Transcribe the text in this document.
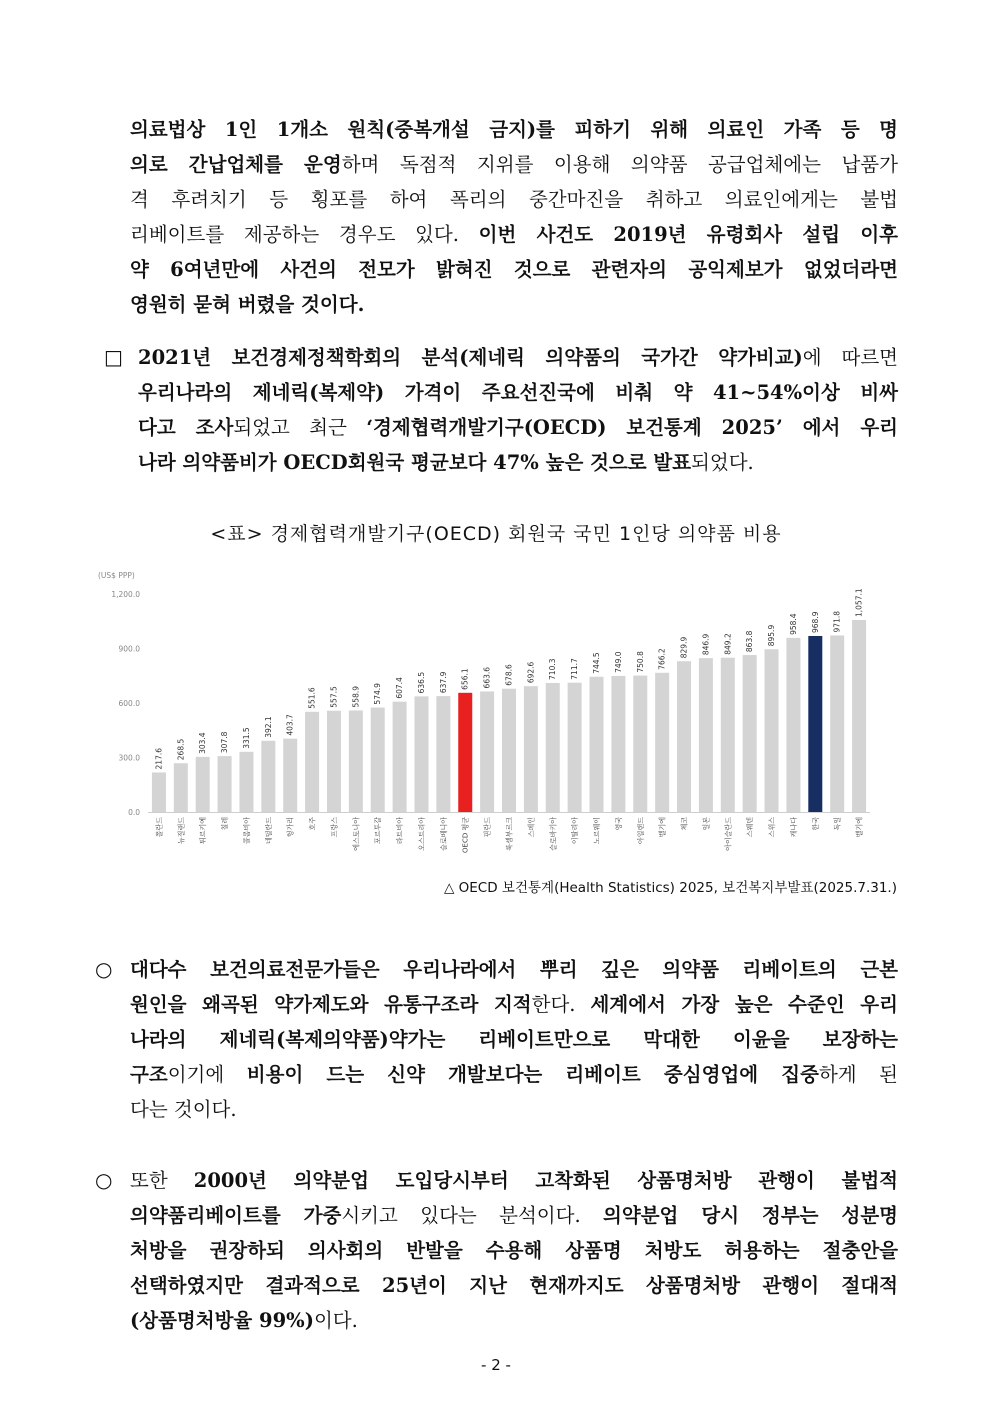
의료법상 1인 1개소 원칙(중복개설 금지)를 피하기 위해 의료인 가족 등 명
의로 간납업체를 운영하며 독점적 지위를 이용해 의약품 공급업체에는 납품가
격 후려치기 등 횡포를 하여 폭리의 중간마진을 취하고 의료인에게는 불법
리베이트를 제공하는 경우도 있다. 이번 사건도 2019년 유령회사 설립 이후
약 6여년만에 사건의 전모가 밝혀진 것으로 관련자의 공익제보가 없었더라면
영원히 묻혀 버렸을 것이다.
□ 2021년 보건경제정책학회의 분석(제네릭 의약품의 국가간 약가비교)에 따르면
우리나라의 제네릭(복제약) 가격이 주요선진국에 비춰 약 41~54%이상 비싸
다고 조사되었고 최근 ‘경제협력개발기구(OECD) 보건통계 2025’ 에서 우리
나라 의약품비가 OECD회원국 평균보다 47% 높은 것으로 발표되었다.
<표> 경제협력개발기구(OECD) 회원국 국민 1인당 의약품 비용
(US$ PPP)
1,200.0
900.0
600.0
300.0
0.0
217.6
폴란드
268.5
뉴질랜드
303.4
튀르키예
307.8
칠레
331.5
콜롬비아
392.1
네덜란드
403.7
헝가리
551.6
호주
557.5
프랑스
558.9
에스토니아
574.9
포르투갈
607.4
라트비아
636.5
오스트리아
637.9
슬로베니아
656.1
OECD 평균
663.6
핀란드
678.6
룩셈부르크
692.6
스페인
710.3
슬로바키아
711.7
이탈리아
744.5
노르웨이
749.0
영국
750.8
아일랜드
766.2
벨기에
829.9
체코
846.9
일본
849.2
아이슬란드
863.8
스웨덴
895.9
스위스
958.4
캐나다
968.9
한국
971.8
독일
1,057.1
벨기에
△ OECD 보건통계(Health Statistics) 2025, 보건복지부발표(2025.7.31.)
○ 대다수 보건의료전문가들은 우리나라에서 뿌리 깊은 의약품 리베이트의 근본
원인을 왜곡된 약가제도와 유통구조라 지적한다. 세계에서 가장 높은 수준인 우리
나라의 제네릭(복제의약품)약가는 리베이트만으로 막대한 이윤을 보장하는
구조이기에 비용이 드는 신약 개발보다는 리베이트 중심영업에 집중하게 된
다는 것이다.
○ 또한 2000년 의약분업 도입당시부터 고착화된 상품명처방 관행이 불법적
의약품리베이트를 가중시키고 있다는 분석이다. 의약분업 당시 정부는 성분명
처방을 권장하되 의사회의 반발을 수용해 상품명 처방도 허용하는 절충안을
선택하였지만 결과적으로 25년이 지난 현재까지도 상품명처방 관행이 절대적
(상품명처방율 99%)이다.
- 2 -
